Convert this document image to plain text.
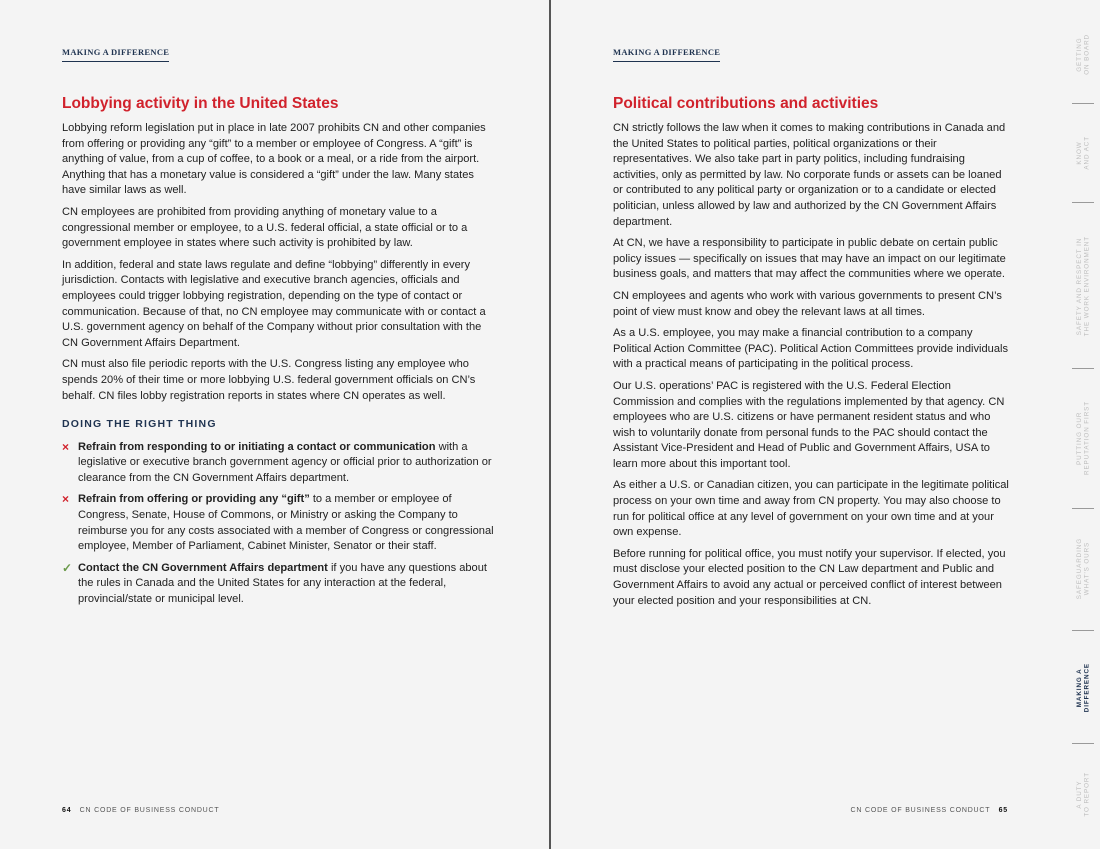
MAKING A DIFFERENCE
Lobbying activity in the United States

Lobbying reform legislation put in place in late 2007 prohibits CN and other companies from offering or providing any “gift” to a member or employee of Congress. A “gift” is anything of value, from a cup of coffee, to a book or a meal, or a ride from the airport. Anything that has a monetary value is considered a “gift” under the law. Many states have similar laws as well.

CN employees are prohibited from providing anything of monetary value to a congressional member or employee, to a U.S. federal official, a state official or to a government employee in states where such activity is prohibited by law.

In addition, federal and state laws regulate and define “lobbying” differently in every jurisdiction. Contacts with legislative and executive branch agencies, officials and employees could trigger lobbying registration, depending on the type of contact or communication. Because of that, no CN employee may communicate with or contact a U.S. government agency on behalf of the Company without prior consultation with the CN Government Affairs Department.

CN must also file periodic reports with the U.S. Congress listing any employee who spends 20% of their time or more lobbying U.S. federal government officials on CN’s behalf. CN files lobby registration reports in states where CN operates as well.

DOING THE RIGHT THING
× Refrain from responding to or initiating a contact or communication with a legislative or executive branch government agency or official prior to authorization or clearance from the CN Government Affairs department.
× Refrain from offering or providing any “gift” to a member or employee of Congress, Senate, House of Commons, or Ministry or asking the Company to reimburse you for any costs associated with a member of Congress or congressional employee, Member of Parliament, Cabinet Minister, Senator or their staff.
✓ Contact the CN Government Affairs department if you have any questions about the rules in Canada and the United States for any interaction at the federal, provincial/state or municipal level.
64 CN CODE OF BUSINESS CONDUCT
MAKING A DIFFERENCE
Political contributions and activities

CN strictly follows the law when it comes to making contributions in Canada and the United States to political parties, political organizations or their representatives. We also take part in party politics, including fundraising activities, only as permitted by law. No corporate funds or assets can be loaned or contributed to any political party or organization or to a candidate or elected politician, unless allowed by law and authorized by the CN Government Affairs department.

At CN, we have a responsibility to participate in public debate on certain public policy issues — specifically on issues that may have an impact on our legitimate business goals, and matters that may affect the communities where we operate.

CN employees and agents who work with various governments to present CN’s point of view must know and obey the relevant laws at all times.

As a U.S. employee, you may make a financial contribution to a company Political Action Committee (PAC). Political Action Committees provide individuals with a practical means of participating in the political process.

Our U.S. operations’ PAC is registered with the U.S. Federal Election Commission and complies with the regulations implemented by that agency. CN employees who are U.S. citizens or have permanent resident status and who wish to voluntarily donate from personal funds to the PAC should contact the Assistant Vice-President and Head of Public and Government Affairs, USA to learn more about this important tool.

As either a U.S. or Canadian citizen, you can participate in the legitimate political process on your own time and away from CN property. You may also choose to run for political office at any level of government on your own time and at your own expense.

Before running for political office, you must notify your supervisor. If elected, you must disclose your elected position to the CN Law department and Public and Government Affairs to avoid any actual or perceived conflict of interest between your elected position and your responsibilities at CN.

CN CODE OF BUSINESS CONDUCT 65
GETTING
ON BOARD
KNOW
AND ACT
SAFETY AND RESPECT IN
THE WORK ENVIRONMENT
PUTTING OUR
REPUTATION FIRST
SAFEGUARDING
WHAT'S OURS
MAKING A
DIFFERENCE
A DUTY
TO REPORT
